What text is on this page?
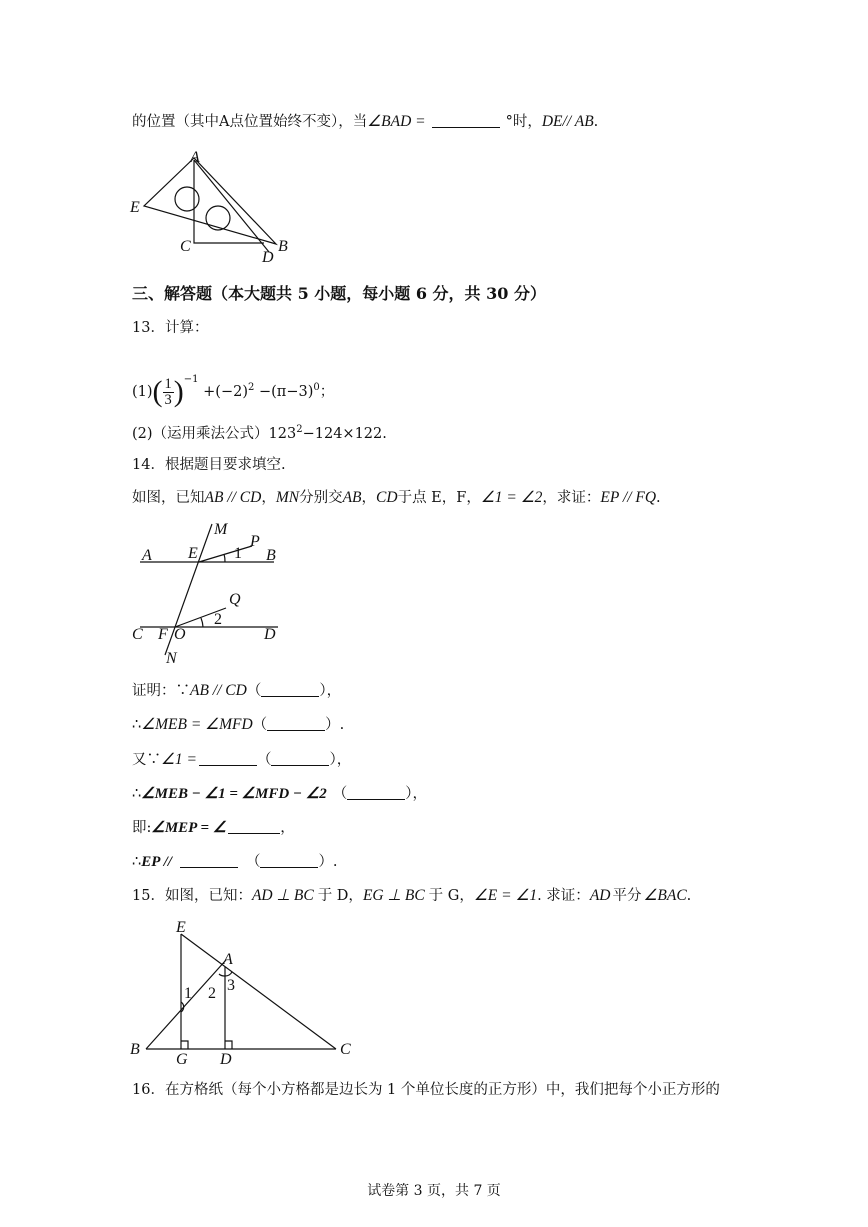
的位置（其中A点位置始终不变），当∠BAD =	°时，DE// AB.
A
E
C	B
D
三、解答题（本大题共 5 小题，每小题 6 分，共 30 分）
13．计算：
$(1)( \frac{1}{3} )^{-1} +(-2)^2 -(\pi-3)^0$；
(2)（运用乘法公式）$123^2-124\times 122$.
14．根据题目要求填空.
如图，已知AB // CD，MN分别交AB，CD于点 E，F，∠1 = ∠2，求证：EP // FQ.
M
P
A E 1 B
Q
2
C F O	D
N
证明：∵AB // CD（	），
∴∠MEB = ∠MFD（	）.
又∵∠1 =	（	），
∴∠MEB − ∠1 = ∠MFD − ∠2 （	），
即:∠MEP = ∠	，
∴EP //	（	）.
15．如图，已知：AD ⊥ BC 于 D，EG ⊥ BC 于 G，∠E = ∠1. 求证：AD 平分 ∠BAC.
E
A
1 2 3
B
G D
C
16．在方格纸（每个小方格都是边长为 1 个单位长度的正方形）中，我们把每个小正方形的
试卷第 3 页，共 7 页
